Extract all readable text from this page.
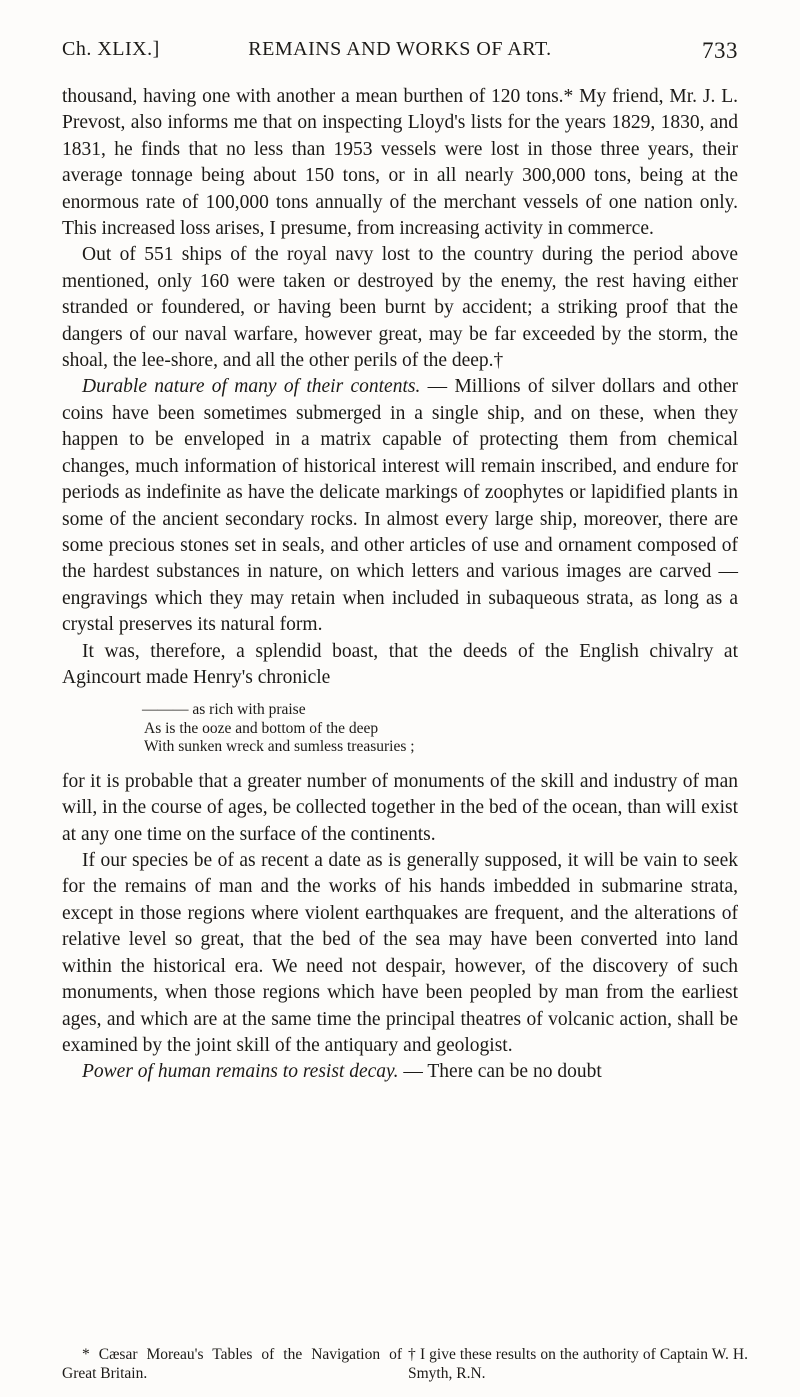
Ch. XLIX.]	REMAINS AND WORKS OF ART.	733

thousand, having one with another a mean burthen of 120 tons.* My friend, Mr. J. L. Prevost, also informs me that on inspecting Lloyd's lists for the years 1829, 1830, and 1831, he finds that no less than 1953 vessels were lost in those three years, their average tonnage being about 150 tons, or in all nearly 300,000 tons, being at the enormous rate of 100,000 tons annually of the merchant vessels of one nation only. This increased loss arises, I presume, from increasing activity in commerce.

Out of 551 ships of the royal navy lost to the country during the period above mentioned, only 160 were taken or destroyed by the enemy, the rest having either stranded or foundered, or having been burnt by accident; a striking proof that the dangers of our naval warfare, however great, may be far exceeded by the storm, the shoal, the lee-shore, and all the other perils of the deep.†

Durable nature of many of their contents. — Millions of silver dollars and other coins have been sometimes submerged in a single ship, and on these, when they happen to be enveloped in a matrix capable of protecting them from chemical changes, much information of historical interest will remain inscribed, and endure for periods as indefinite as have the delicate markings of zoophytes or lapidified plants in some of the ancient secondary rocks. In almost every large ship, moreover, there are some precious stones set in seals, and other articles of use and ornament composed of the hardest substances in nature, on which letters and various images are carved — engravings which they may retain when included in subaqueous strata, as long as a crystal preserves its natural form.

It was, therefore, a splendid boast, that the deeds of the English chivalry at Agincourt made Henry's chronicle

——— as rich with praise
As is the ooze and bottom of the deep
With sunken wreck and sumless treasuries ;

for it is probable that a greater number of monuments of the skill and industry of man will, in the course of ages, be collected together in the bed of the ocean, than will exist at any one time on the surface of the continents.

If our species be of as recent a date as is generally supposed, it will be vain to seek for the remains of man and the works of his hands imbedded in submarine strata, except in those regions where violent earthquakes are frequent, and the alterations of relative level so great, that the bed of the sea may have been converted into land within the historical era. We need not despair, however, of the discovery of such monuments, when those regions which have been peopled by man from the earliest ages, and which are at the same time the principal theatres of volcanic action, shall be examined by the joint skill of the antiquary and geologist.

Power of human remains to resist decay. — There can be no doubt

* Cæsar Moreau's Tables of the Navigation of Great Britain.
† I give these results on the authority of Captain W. H. Smyth, R.N.
